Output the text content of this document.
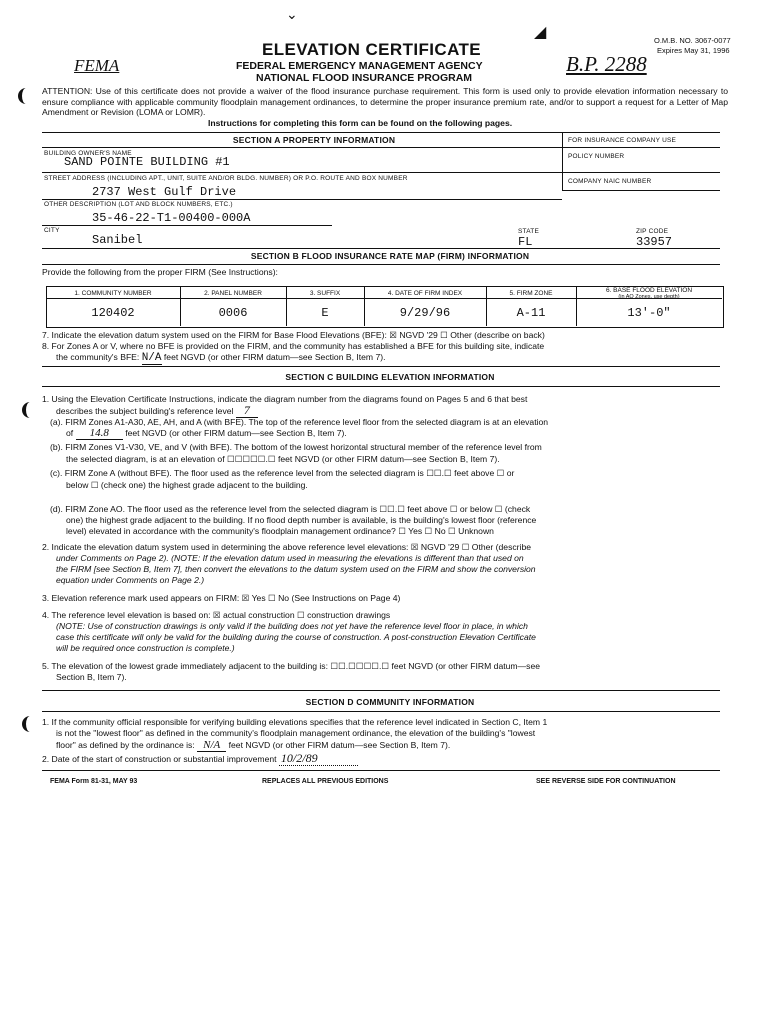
⌄
◢	O.M.B. NO. 3067-0077
Expires May 31, 1996
ELEVATION CERTIFICATE
FEMA	B.P. 2288
FEDERAL EMERGENCY MANAGEMENT AGENCY
NATIONAL FLOOD INSURANCE PROGRAM
ATTENTION: Use of this certificate does not provide a waiver of the flood insurance purchase requirement. This form is used only to provide elevation information necessary to ensure compliance with applicable community floodplain management ordinances, to determine the proper insurance premium rate, and/or to support a request for a Letter of Map Amendment or Revision (LOMA or LOMR).
Instructions for completing this form can be found on the following pages.
SECTION A PROPERTY INFORMATION	FOR INSURANCE COMPANY USE
BUILDING OWNER'S NAME
SAND POINTE BUILDING #1	POLICY NUMBER
STREET ADDRESS (INCLUDING APT., UNIT, SUITE AND/OR BLDG. NUMBER) OR P.O. ROUTE AND BOX NUMBER	COMPANY NAIC NUMBER
2737 West Gulf Drive
OTHER DESCRIPTION (LOT AND BLOCK NUMBERS, ETC.)
35-46-22-T1-00400-000A
CITY
Sanibel
STATE
FL
ZIP CODE
33957
SECTION B FLOOD INSURANCE RATE MAP (FIRM) INFORMATION
Provide the following from the proper FIRM (See Instructions):
1. COMMUNITY NUMBER	2. PANEL NUMBER	3. SUFFIX	4. DATE OF FIRM INDEX	5. FIRM ZONE	6. BASE FLOOD ELEVATION
(in AO Zones, use depth)
120402	0006	E	9/29/96	A-11	13'-0"
7. Indicate the elevation datum system used on the FIRM for Base Flood Elevations (BFE): ☒ NGVD '29 ☐ Other (describe on back)
8. For Zones A or V, where no BFE is provided on the FIRM, and the community has established a BFE for this building site, indicate
the community's BFE: N/A feet NGVD (or other FIRM datum—see Section B, Item 7).
SECTION C BUILDING ELEVATION INFORMATION
1. Using the Elevation Certificate Instructions, indicate the diagram number from the diagrams found on Pages 5 and 6 that best
describes the subject building's reference level 7
(a). FIRM Zones A1-A30, AE, AH, and A (with BFE). The top of the reference level floor from the selected diagram is at an elevation
of 14.8 feet NGVD (or other FIRM datum—see Section B, Item 7).
(b). FIRM Zones V1-V30, VE, and V (with BFE). The bottom of the lowest horizontal structural member of the reference level from
the selected diagram, is at an elevation of ☐☐☐☐☐.☐ feet NGVD (or other FIRM datum—see Section B, Item 7).
(c). FIRM Zone A (without BFE). The floor used as the reference level from the selected diagram is ☐☐.☐ feet above ☐ or
below ☐ (check one) the highest grade adjacent to the building.
(d). FIRM Zone AO. The floor used as the reference level from the selected diagram is ☐☐.☐ feet above ☐ or below ☐ (check
one) the highest grade adjacent to the building. If no flood depth number is available, is the building's lowest floor (reference
level) elevated in accordance with the community's floodplain management ordinance? ☐ Yes ☐ No ☐ Unknown
2. Indicate the elevation datum system used in determining the above reference level elevations: ☒ NGVD '29 ☐ Other (describe
under Comments on Page 2). (NOTE: If the elevation datum used in measuring the elevations is different than that used on
the FIRM [see Section B, Item 7], then convert the elevations to the datum system used on the FIRM and show the conversion
equation under Comments on Page 2.)
3. Elevation reference mark used appears on FIRM: ☒ Yes ☐ No (See Instructions on Page 4)
4. The reference level elevation is based on: ☒ actual construction ☐ construction drawings
(NOTE: Use of construction drawings is only valid if the building does not yet have the reference level floor in place, in which
case this certificate will only be valid for the building during the course of construction. A post-construction Elevation Certificate
will be required once construction is complete.)
5. The elevation of the lowest grade immediately adjacent to the building is: ☐☐.☐☐☐☐.☐ feet NGVD (or other FIRM datum—see
Section B, Item 7).
SECTION D COMMUNITY INFORMATION
1. If the community official responsible for verifying building elevations specifies that the reference level indicated in Section C, Item 1
is not the "lowest floor" as defined in the community's floodplain management ordinance, the elevation of the building's "lowest
floor" as defined by the ordinance is: N/A feet NGVD (or other FIRM datum—see Section B, Item 7).
2. Date of the start of construction or substantial improvement 10/2/89
FEMA Form 81-31, MAY 93	REPLACES ALL PREVIOUS EDITIONS	SEE REVERSE SIDE FOR CONTINUATION
